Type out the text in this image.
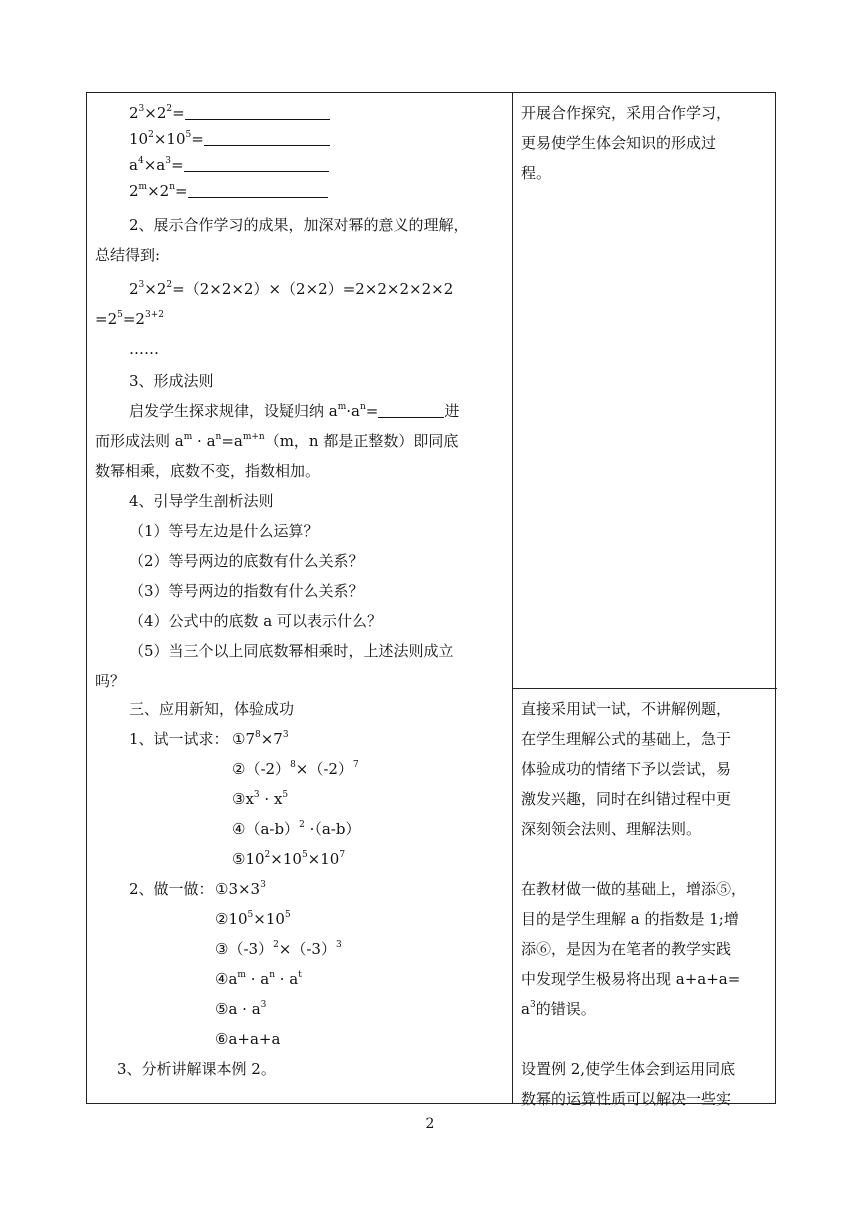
$2^3\times 2^2=$
$10^2\times 10^5=$
$a^4\times a^3=$
$2^m\times 2^n=$
2、展示合作学习的成果，加深对幂的意义的理解，
总结得到:
$2^3\times 2^2=(2\times 2\times 2)\times(2\times 2)=2\times 2\times 2\times 2\times 2$
$=2^5=2^{3+2}$
……
3、形成法则
启发学生探求规律，设疑归纳 $a^m\cdot a^n=$	进
而形成法则 $a^m \cdot a^n=a^{m+n}(m$，n 都是正整数）即同底
数幂相乘，底数不变，指数相加。
4、引导学生剖析法则
（1）等号左边是什么运算？
（2）等号两边的底数有什么关系？
（3）等号两边的指数有什么关系？
（4）公式中的底数 a 可以表示什么？
（5）当三个以上同底数幂相乘时，上述法则成立
吗？
三、应用新知，体验成功
1、试一试求： $①7^8\times 7^3$
$②(-2)^8\times(-2)^7$
$③x^3 \cdot x^5$
$④(a-b)^2 \cdot(a-b)$
$⑤10^2\times 10^5\times 10^7$
2、做一做： $①3\times 3^3$
$②10^5\times 10^5$
$③(-3)^2\times(-3)^3$
$④a^m \cdot a^n \cdot a^t$
⑤a · $a^3$
⑥a+a+a
3、分析讲解课本例 2。
开展合作探究，采用合作学习，
更易使学生体会知识的形成过
程。
直接采用试一试，不讲解例题，
在学生理解公式的基础上，急于
体验成功的情绪下予以尝试，易
激发兴趣，同时在纠错过程中更
深刻领会法则、理解法则。
在教材做一做的基础上，增添⑤，
目的是学生理解 a 的指数是 1;增
添⑥，是因为在笔者的教学实践
中发现学生极易将出现 a+a+a=
$a^3$的错误。
设置例 2,使学生体会到运用同底
数幂的运算性质可以解决一些实
2
